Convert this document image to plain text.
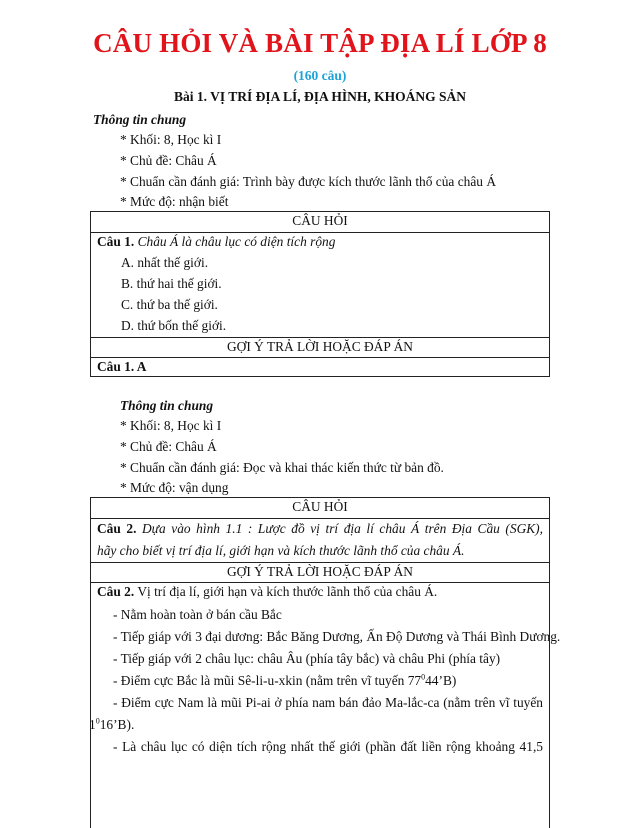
CÂU HỎI VÀ BÀI TẬP ĐỊA LÍ LỚP 8
(160 câu)
Bài 1. VỊ TRÍ ĐỊA LÍ, ĐỊA HÌNH, KHOÁNG SẢN
Thông tin chung
* Khối: 8, Học kì I
* Chủ đề: Châu Á
* Chuẩn cần đánh giá: Trình bày được kích thước lãnh thổ của châu Á
* Mức độ: nhận biết
CÂU HỎI
Câu 1. Châu Á là châu lục có diện tích rộng
A. nhất thế giới.
B. thứ hai thế giới.
C. thứ ba thế giới.
D. thứ bốn thế giới.
GỢI Ý TRẢ LỜI HOẶC ĐÁP ÁN
Câu 1. A
Thông tin chung
* Khối: 8, Học kì I
* Chủ đề: Châu Á
* Chuẩn cần đánh giá: Đọc và khai thác kiến thức từ bản đồ.
* Mức độ: vận dụng
CÂU HỎI
Câu 2. Dựa vào hình 1.1 : Lược đồ vị trí địa lí châu Á trên Địa Cầu (SGK),
hãy cho biết vị trí địa lí, giới hạn và kích thước lãnh thổ của châu Á.
GỢI Ý TRẢ LỜI HOẶC ĐÁP ÁN
Câu 2. Vị trí địa lí, giới hạn và kích thước lãnh thổ của châu Á.
- Nằm hoàn toàn ở bán cầu Bắc
- Tiếp giáp với 3 đại dương: Bắc Băng Dương, Ấn Độ Dương và Thái Bình Dương.
- Tiếp giáp với 2 châu lục: châu Âu (phía tây bắc) và châu Phi (phía tây)
- Điểm cực Bắc là mũi Sê-li-u-xkin (nằm trên vĩ tuyến $77^044’B$)
- Điểm cực Nam là mũi Pi-ai ở phía nam bán đảo Ma-lắc-ca (nằm trên vĩ tuyến
$1^016’B$).
- Là châu lục có diện tích rộng nhất thế giới (phần đất liền rộng khoảng 41,5
